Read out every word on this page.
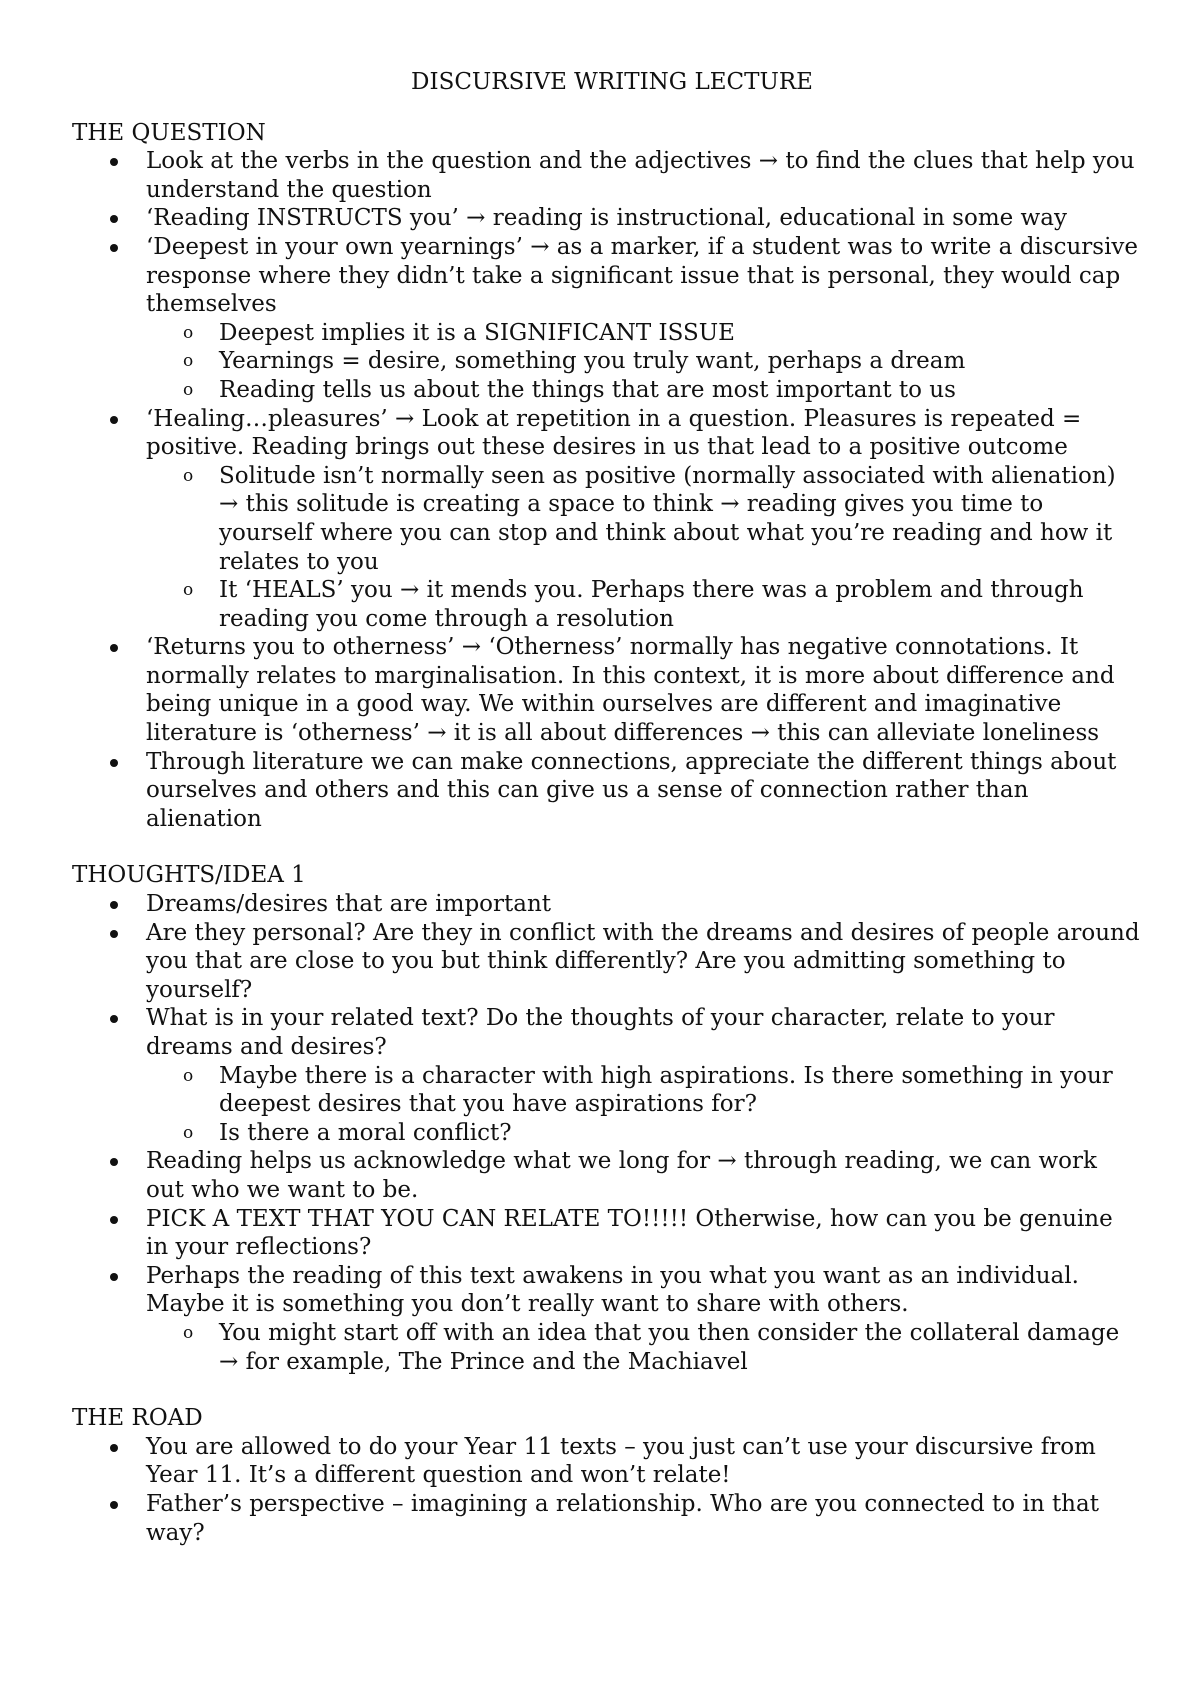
DISCURSIVE WRITING LECTURE
THE QUESTION
Look at the verbs in the question and the adjectives → to find the clues that help you understand the question
‘Reading INSTRUCTS you’ → reading is instructional, educational in some way
‘Deepest in your own yearnings’ → as a marker, if a student was to write a discursive response where they didn’t take a significant issue that is personal, they would cap themselves
o Deepest implies it is a SIGNIFICANT ISSUE
o Yearnings = desire, something you truly want, perhaps a dream
o Reading tells us about the things that are most important to us
‘Healing…pleasures’ → Look at repetition in a question. Pleasures is repeated = positive. Reading brings out these desires in us that lead to a positive outcome
o Solitude isn’t normally seen as positive (normally associated with alienation) → this solitude is creating a space to think → reading gives you time to yourself where you can stop and think about what you’re reading and how it relates to you
o It ‘HEALS’ you → it mends you. Perhaps there was a problem and through reading you come through a resolution
‘Returns you to otherness’ → ‘Otherness’ normally has negative connotations. It normally relates to marginalisation. In this context, it is more about difference and being unique in a good way. We within ourselves are different and imaginative literature is ‘otherness’ → it is all about differences → this can alleviate loneliness
Through literature we can make connections, appreciate the different things about ourselves and others and this can give us a sense of connection rather than alienation
THOUGHTS/IDEA 1
Dreams/desires that are important
Are they personal? Are they in conflict with the dreams and desires of people around you that are close to you but think differently? Are you admitting something to yourself?
What is in your related text? Do the thoughts of your character, relate to your dreams and desires?
o Maybe there is a character with high aspirations. Is there something in your deepest desires that you have aspirations for?
o Is there a moral conflict?
Reading helps us acknowledge what we long for → through reading, we can work out who we want to be.
PICK A TEXT THAT YOU CAN RELATE TO!!!!! Otherwise, how can you be genuine in your reflections?
Perhaps the reading of this text awakens in you what you want as an individual. Maybe it is something you don’t really want to share with others.
o You might start off with an idea that you then consider the collateral damage → for example, The Prince and the Machiavel
THE ROAD
You are allowed to do your Year 11 texts – you just can’t use your discursive from Year 11. It’s a different question and won’t relate!
Father’s perspective – imagining a relationship. Who are you connected to in that way?
